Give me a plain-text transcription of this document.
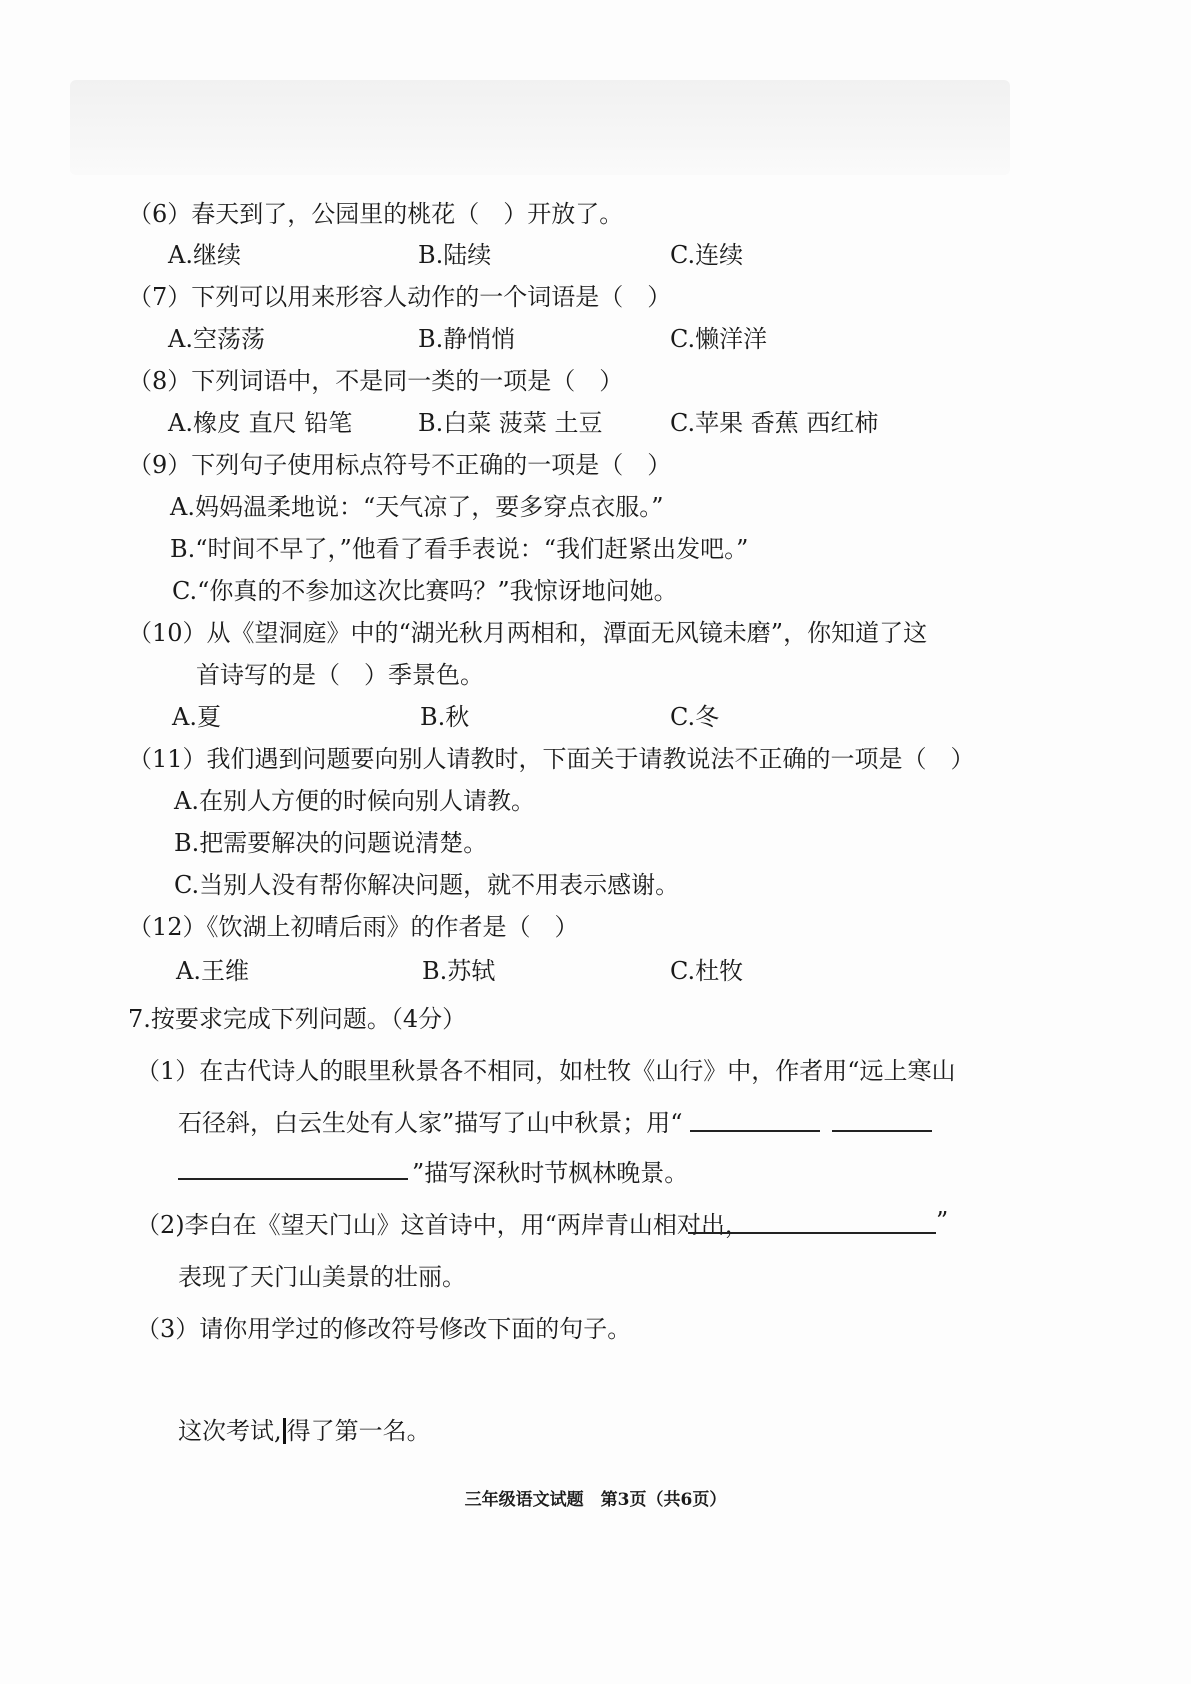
（6）春天到了，公园里的桃花（　）开放了。
A.继续	B.陆续	C.连续
（7）下列可以用来形容人动作的一个词语是（　）
A.空荡荡	B.静悄悄	C.懒洋洋
（8）下列词语中，不是同一类的一项是（　）
A.橡皮 直尺 铅笔	B.白菜 菠菜 土豆	C.苹果 香蕉 西红柿
（9）下列句子使用标点符号不正确的一项是（　）
A.妈妈温柔地说：“天气凉了，要多穿点衣服。”
B.“时间不早了，”他看了看手表说：“我们赶紧出发吧。”
C.“你真的不参加这次比赛吗？”我惊讶地问她。
（10）从《望洞庭》中的“湖光秋月两相和，潭面无风镜未磨”，你知道了这
首诗写的是（　）季景色。
A.夏	B.秋	C.冬
（11）我们遇到问题要向别人请教时，下面关于请教说法不正确的一项是（　）
A.在别人方便的时候向别人请教。
B.把需要解决的问题说清楚。
C.当别人没有帮你解决问题，就不用表示感谢。
（12）《饮湖上初晴后雨》的作者是（　）
A.王维	B.苏轼	C.杜牧
7.按要求完成下列问题。（4分）
（1）在古代诗人的眼里秋景各不相同，如杜牧《山行》中，作者用“远上寒山
石径斜，白云生处有人家”描写了山中秋景；用“
”描写深秋时节枫林晚景。
（2)李白在《望天门山》这首诗中，用“两岸青山相对出，	”
表现了天门山美景的壮丽。
（3）请你用学过的修改符号修改下面的句子。
这次考试, 得了第一名。
三年级语文试题　第3页（共6页）
